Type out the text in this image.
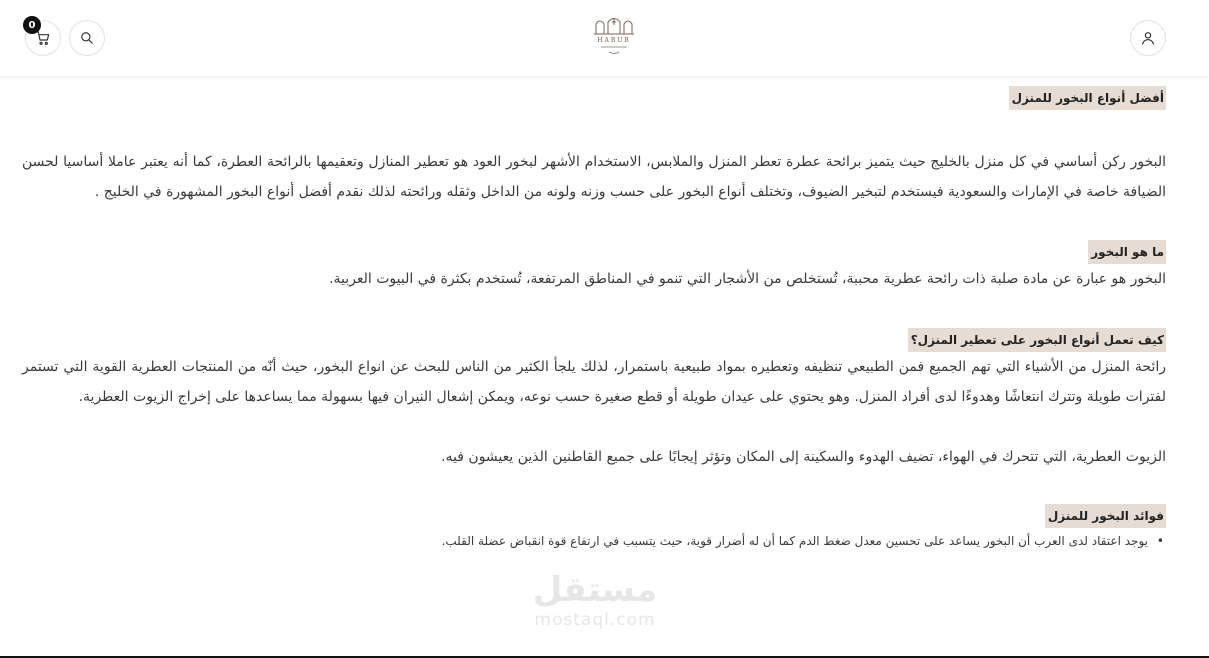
0
HABUB
أفضل أنواع البخور للمنزل

البخور ركن أساسي في كل منزل بالخليج حيث يتميز برائحة عطرة تعطر المنزل والملابس، الاستخدام الأشهر لبخور العود هو تعطير المنازل وتعقيمها بالرائحة العطرة، كما أنه يعتبر عاملا أساسيا لحسن الضيافة خاصة في الإمارات والسعودية فيستخدم لتبخير الضيوف، وتختلف أنواع البخور على حسب وزنه ولونه من الداخل وثقله ورائحته لذلك نقدم أفضل أنواع البخور المشهورة في الخليج .

ما هو البخور

البخور هو عبارة عن مادة صلبة ذات رائحة عطرية محببة، تُستخلص من الأشجار التي تنمو في المناطق المرتفعة، تُستخدم بكثرة في البيوت العربية.

كيف تعمل أنواع البخور على تعطير المنزل؟

رائحة المنزل من الأشياء التي تهم الجميع فمن الطبيعي تنظيفه وتعطيره بمواد طبيعية باستمرار، لذلك يلجأ الكثير من الناس للبحث عن انواع البخور، حيث أنّه من المنتجات العطرية القوية التي تستمر لفترات طويلة وتترك انتعاشًا وهدوءًا لدى أفراد المنزل. وهو يحتوي على عيدان طويلة أو قطع صغيرة حسب نوعه، ويمكن إشعال النيران فيها بسهولة مما يساعدها على إخراج الزيوت العطرية.

الزيوت العطرية، التي تتحرك في الهواء، تضيف الهدوء والسكينة إلى المكان وتؤثر إيجابًا على جميع القاطنين الذين يعيشون فيه.

فوائد البخور للمنزل
• يوجد اعتقاد لدى العرب أن البخور يساعد على تحسين معدل ضغط الدم كما أن له أضرار قوية، حيث يتسبب في ارتفاع قوة انقباض عضلة القلب.
مستقل
mostaql.com
